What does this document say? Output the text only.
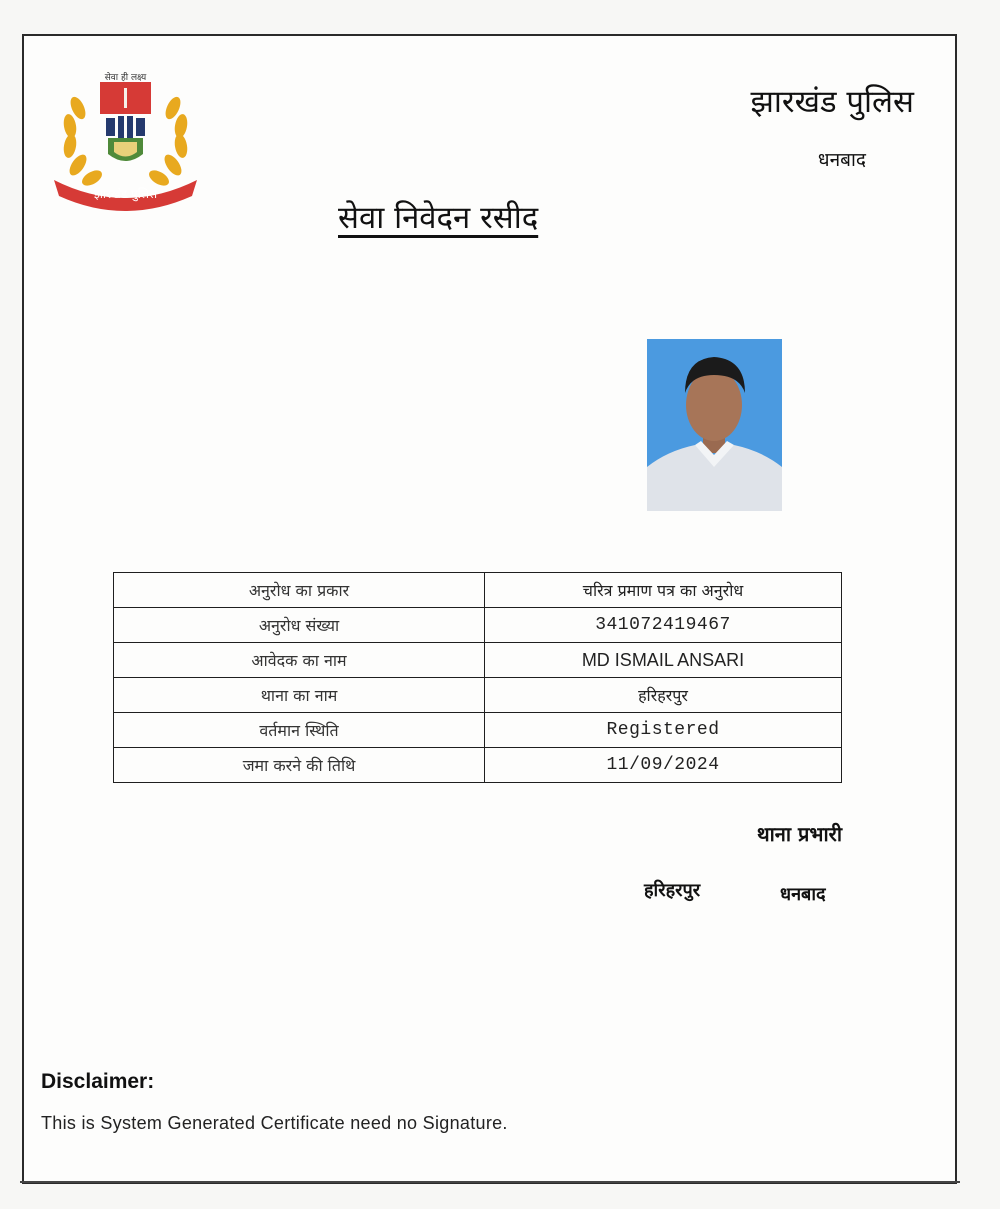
सेवा ही लक्ष्य
झारखंड पुलिस
झारखंड पुलिस
धनबाद
सेवा निवेदन रसीद
अनुरोध का प्रकार	चरित्र प्रमाण पत्र का अनुरोध
अनुरोध संख्या	341072419467
आवेदक का नाम	MD ISMAIL ANSARI
थाना का नाम	हरिहरपुर
वर्तमान स्थिति	Registered
जमा करने की तिथि	11/09/2024
थाना प्रभारी
हरिहरपुर	धनबाद
Disclaimer:
This is System Generated Certificate need no Signature.
